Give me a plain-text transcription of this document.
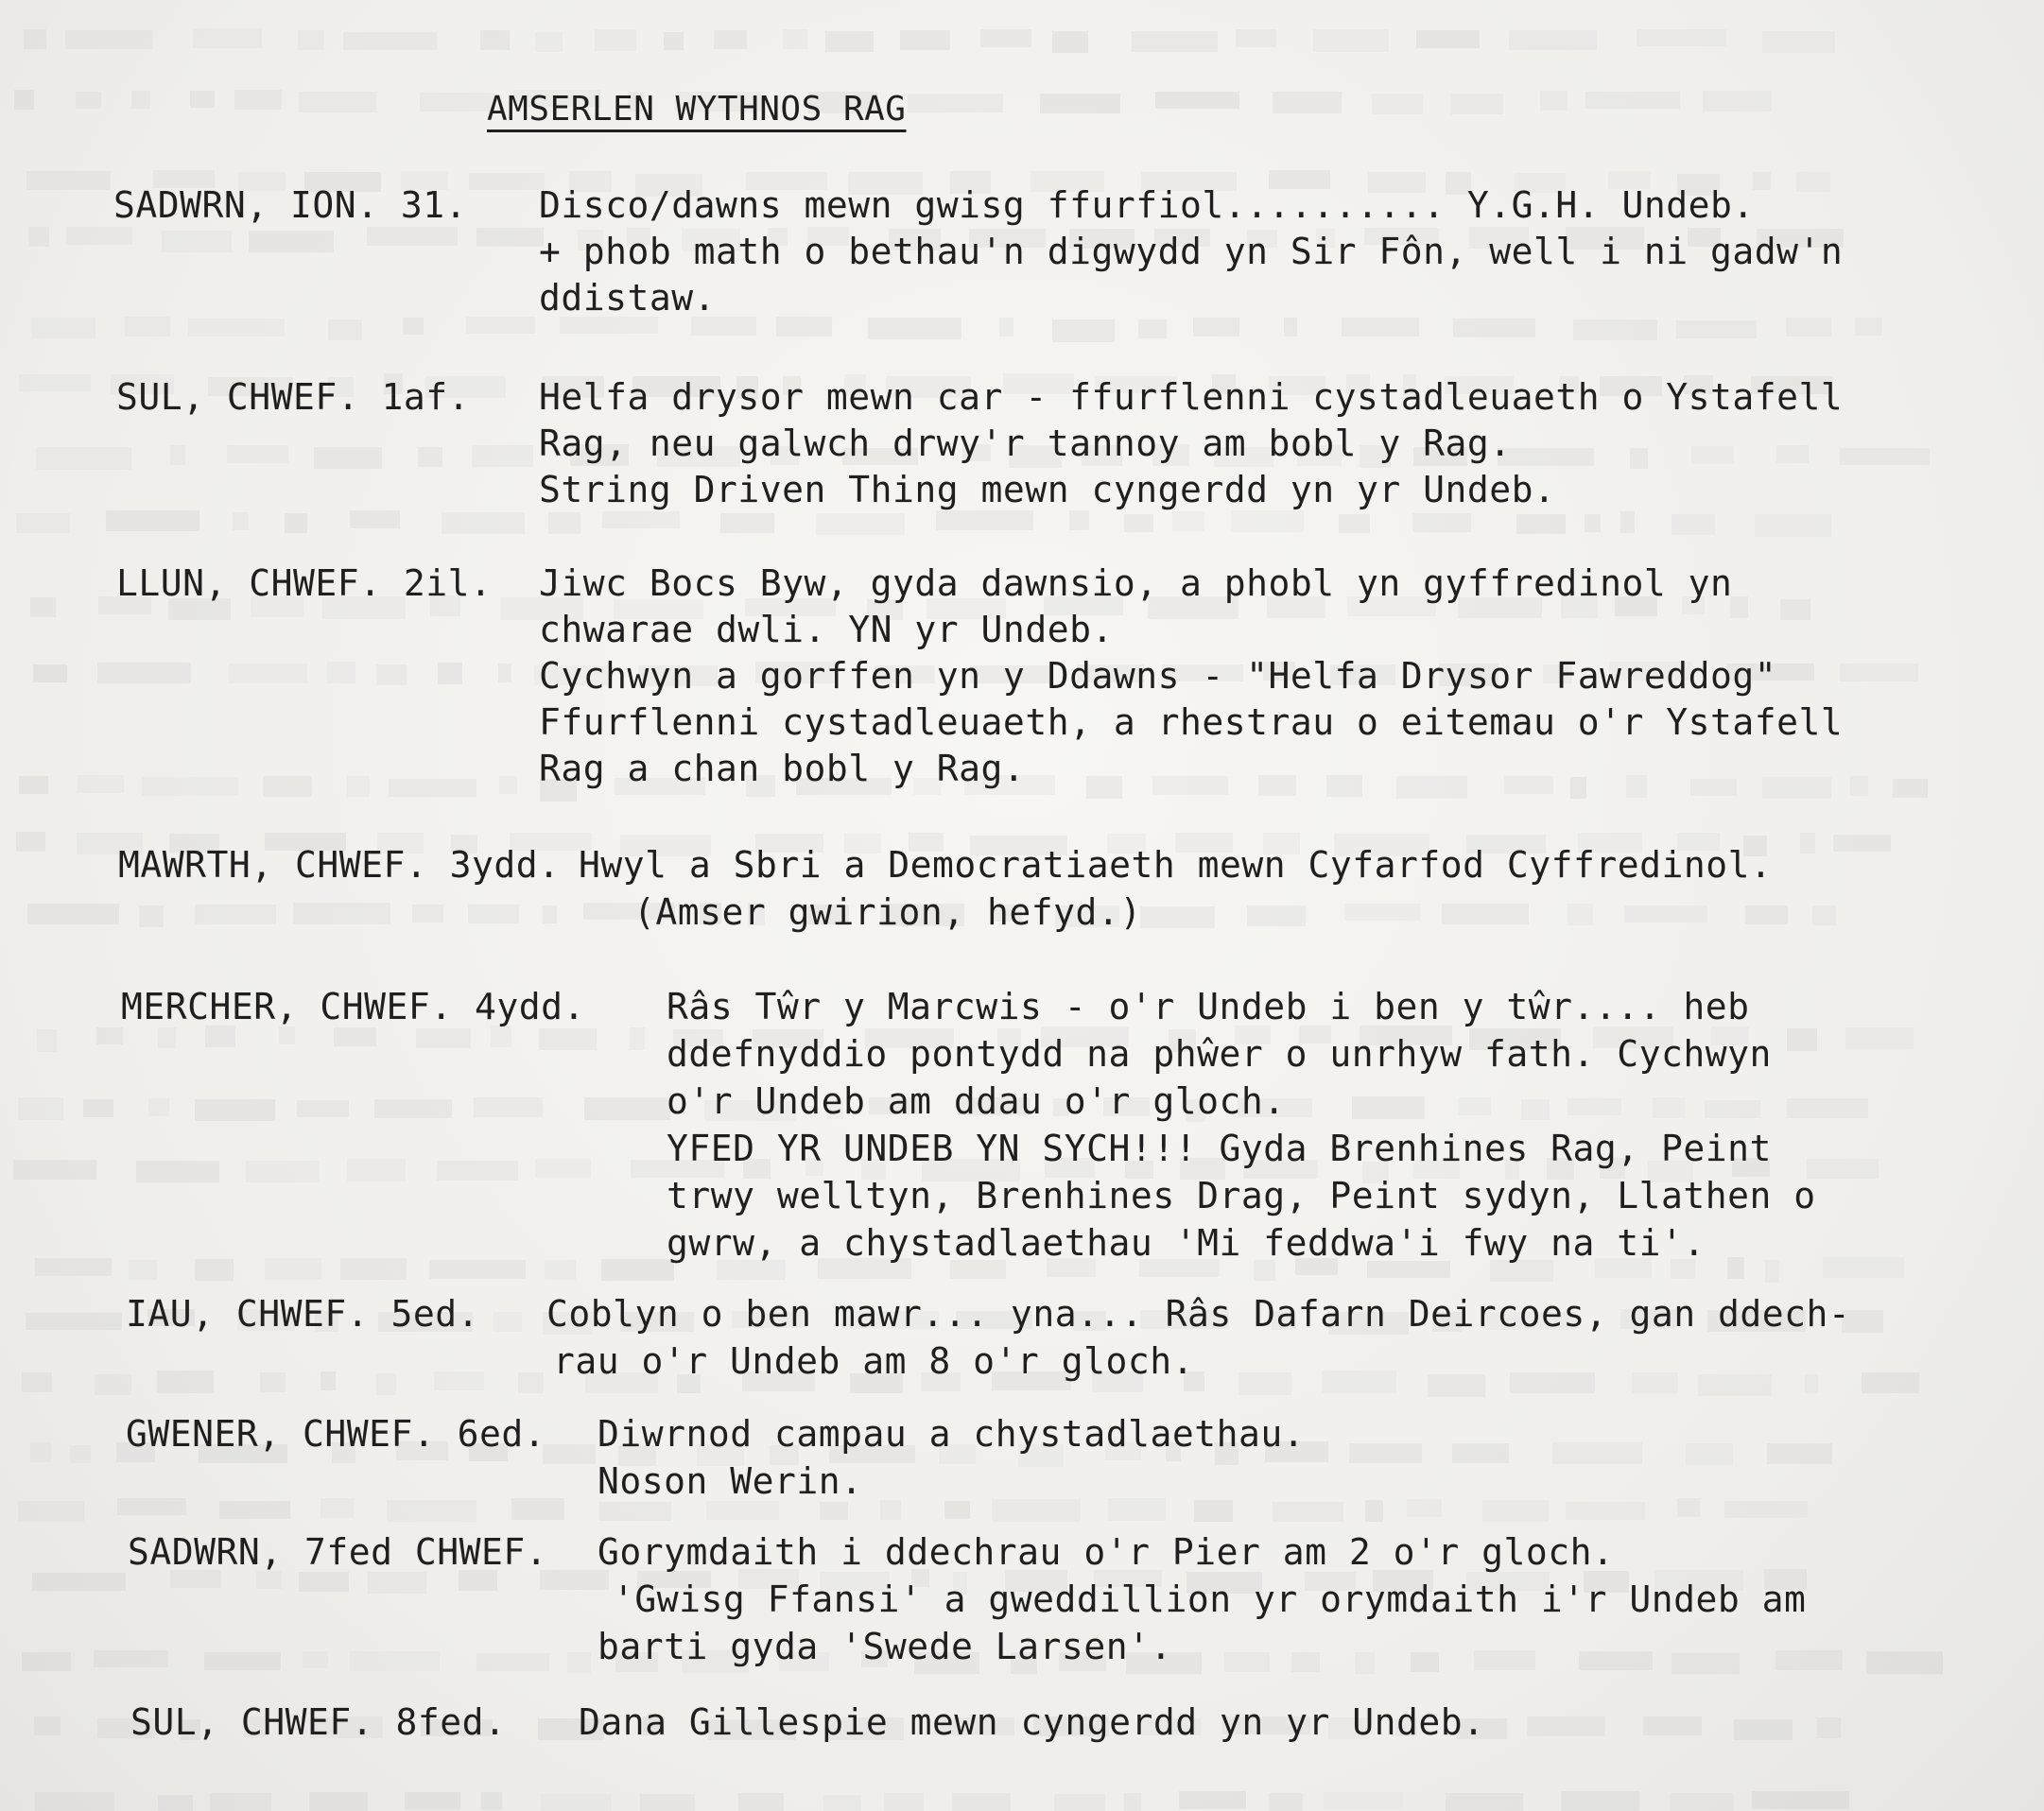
AMSERLEN WYTHNOS RAG
SADWRN, ION. 31. Disco/dawns mewn gwisg ffurfiol.......... Y.G.H. Undeb.
+ phob math o bethau'n digwydd yn Sir Fôn, well i ni gadw'n
ddistaw.
SUL, CHWEF. 1af. Helfa drysor mewn car - ffurflenni cystadleuaeth o Ystafell
Rag, neu galwch drwy'r tannoy am bobl y Rag.
String Driven Thing mewn cyngerdd yn yr Undeb.
LLUN, CHWEF. 2il. Jiwc Bocs Byw, gyda dawnsio, a phobl yn gyffredinol yn
chwarae dwli. YN yr Undeb.
Cychwyn a gorffen yn y Ddawns - "Helfa Drysor Fawreddog"
Ffurflenni cystadleuaeth, a rhestrau o eitemau o'r Ystafell
Rag a chan bobl y Rag.
MAWRTH, CHWEF. 3ydd. Hwyl a Sbri a Democratiaeth mewn Cyfarfod Cyffredinol.
(Amser gwirion, hefyd.)
MERCHER, CHWEF. 4ydd. Râs Tŵr y Marcwis - o'r Undeb i ben y tŵr.... heb
ddefnyddio pontydd na phŵer o unrhyw fath. Cychwyn
o'r Undeb am ddau o'r gloch.
YFED YR UNDEB YN SYCH!!! Gyda Brenhines Rag, Peint
trwy welltyn, Brenhines Drag, Peint sydyn, Llathen o
gwrw, a chystadlaethau 'Mi feddwa'i fwy na ti'.
IAU, CHWEF. 5ed. Coblyn o ben mawr... yna... Râs Dafarn Deircoes, gan ddech-
rau o'r Undeb am 8 o'r gloch.
GWENER, CHWEF. 6ed. Diwrnod campau a chystadlaethau.
Noson Werin.
SADWRN, 7fed CHWEF. Gorymdaith i ddechrau o'r Pier am 2 o'r gloch.
'Gwisg Ffansi' a gweddillion yr orymdaith i'r Undeb am
barti gyda 'Swede Larsen'.
SUL, CHWEF. 8fed. Dana Gillespie mewn cyngerdd yn yr Undeb.
